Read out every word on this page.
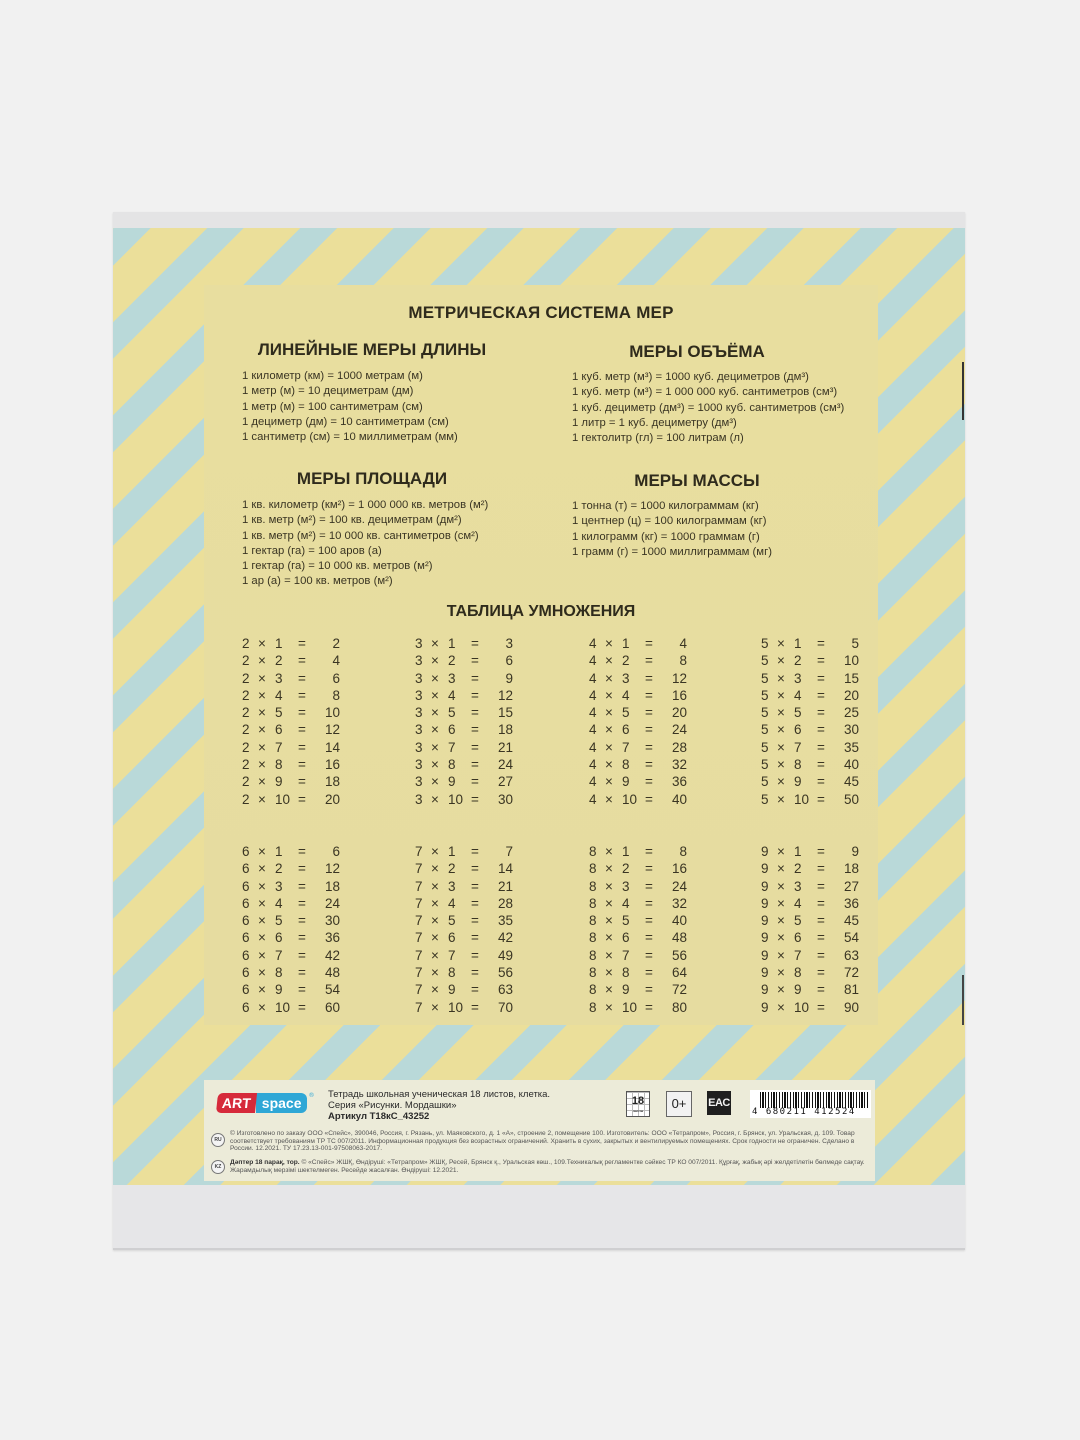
МЕТРИЧЕСКАЯ СИСТЕМА МЕР
ЛИНЕЙНЫЕ МЕРЫ ДЛИНЫ
1 километр (км) = 1000 метрам (м)
1 метр (м) = 10 дециметрам (дм)
1 метр (м) = 100 сантиметрам (см)
1 дециметр (дм) = 10 сантиметрам (см)
1 сантиметр (см) = 10 миллиметрам (мм)
МЕРЫ ОБЪЁМА
1 куб. метр (м³) = 1000 куб. дециметров (дм³)
1 куб. метр (м³) = 1 000 000 куб. сантиметров (см³)
1 куб. дециметр (дм³) = 1000 куб. сантиметров (см³)
1 литр = 1 куб. дециметру (дм³)
1 гектолитр (гл) = 100 литрам (л)
МЕРЫ ПЛОЩАДИ
1 кв. километр (км²) = 1 000 000 кв. метров (м²)
1 кв. метр (м²) = 100 кв. дециметрам (дм²)
1 кв. метр (м²) = 10 000 кв. сантиметров (см²)
1 гектар (га) = 100 аров (а)
1 гектар (га) = 10 000 кв. метров (м²)
1 ар (а) = 100 кв. метров (м²)
МЕРЫ МАССЫ
1 тонна (т) = 1000 килограммам (кг)
1 центнер (ц) = 100 килограммам (кг)
1 килограмм (кг) = 1000 граммам (г)
1 грамм (г) = 1000 миллиграммам (мг)
ТАБЛИЦА УМНОЖЕНИЯ
2 × 1 =	2
2 × 2 =	4
2 × 3 =	6
2 × 4 =	8
2 × 5 =	10
2 × 6 =	12
2 × 7 =	14
2 × 8 =	16
2 × 9 =	18
2 × 10 =	20
3 × 1 =	3
3 × 2 =	6
3 × 3 =	9
3 × 4 =	12
3 × 5 =	15
3 × 6 =	18
3 × 7 =	21
3 × 8 =	24
3 × 9 =	27
3 × 10 =	30
4 × 1 =	4
4 × 2 =	8
4 × 3 =	12
4 × 4 =	16
4 × 5 =	20
4 × 6 =	24
4 × 7 =	28
4 × 8 =	32
4 × 9 =	36
4 × 10 =	40
5 × 1 =	5
5 × 2 =	10
5 × 3 =	15
5 × 4 =	20
5 × 5 =	25
5 × 6 =	30
5 × 7 =	35
5 × 8 =	40
5 × 9 =	45
5 × 10 =	50
6 × 1 =	6
6 × 2 =	12
6 × 3 =	18
6 × 4 =	24
6 × 5 =	30
6 × 6 =	36
6 × 7 =	42
6 × 8 =	48
6 × 9 =	54
6 × 10 =	60
7 × 1 =	7
7 × 2 =	14
7 × 3 =	21
7 × 4 =	28
7 × 5 =	35
7 × 6 =	42
7 × 7 =	49
7 × 8 =	56
7 × 9 =	63
7 × 10 =	70
8 × 1 =	8
8 × 2 =	16
8 × 3 =	24
8 × 4 =	32
8 × 5 =	40
8 × 6 =	48
8 × 7 =	56
8 × 8 =	64
8 × 9 =	72
8 × 10 =	80
9 × 1 =	9
9 × 2 =	18
9 × 3 =	27
9 × 4 =	36
9 × 5 =	45
9 × 6 =	54
9 × 7 =	63
9 × 8 =	72
9 × 9 =	81
9 × 10 =	90
ART space	® Тетрадь школьная ученическая 18 листов, клетка.
Серия «Рисунки. Мордашки»
Артикул Т18кС_43252
18
листов	0+	EAC
4 680211 412524
RU
© Изготовлено по заказу ООО «Спейс», 390046, Россия, г. Рязань, ул. Маяковского, д. 1 «А», строение 2, помещение 100. Изготовитель: ООО «Тетрапром», Россия, г. Брянск, ул. Уральская, д. 109. Товар соответствует требованиям ТР ТС 007/2011. Информационная продукция без возрастных ограничений. Хранить в сухих, закрытых и вентилируемых помещениях. Срок годности не ограничен. Сделано в России. 12.2021. ТУ 17.23.13-001-97508063-2017.
KZ
Дәптер 18 парақ, тор. © «Спейс» ЖШҚ, Өндіруші: «Тетрапром» ЖШҚ, Ресей, Брянск қ., Уральская көш., 109.Техникалық регламентке сәйкес ТР КО 007/2011. Құрғақ, жабық әрі желдетілетін бөлмеде сақтау. Жарамдылық мерзімі шектелмеген. Ресейде жасалған. Өндіруші: 12.2021.
